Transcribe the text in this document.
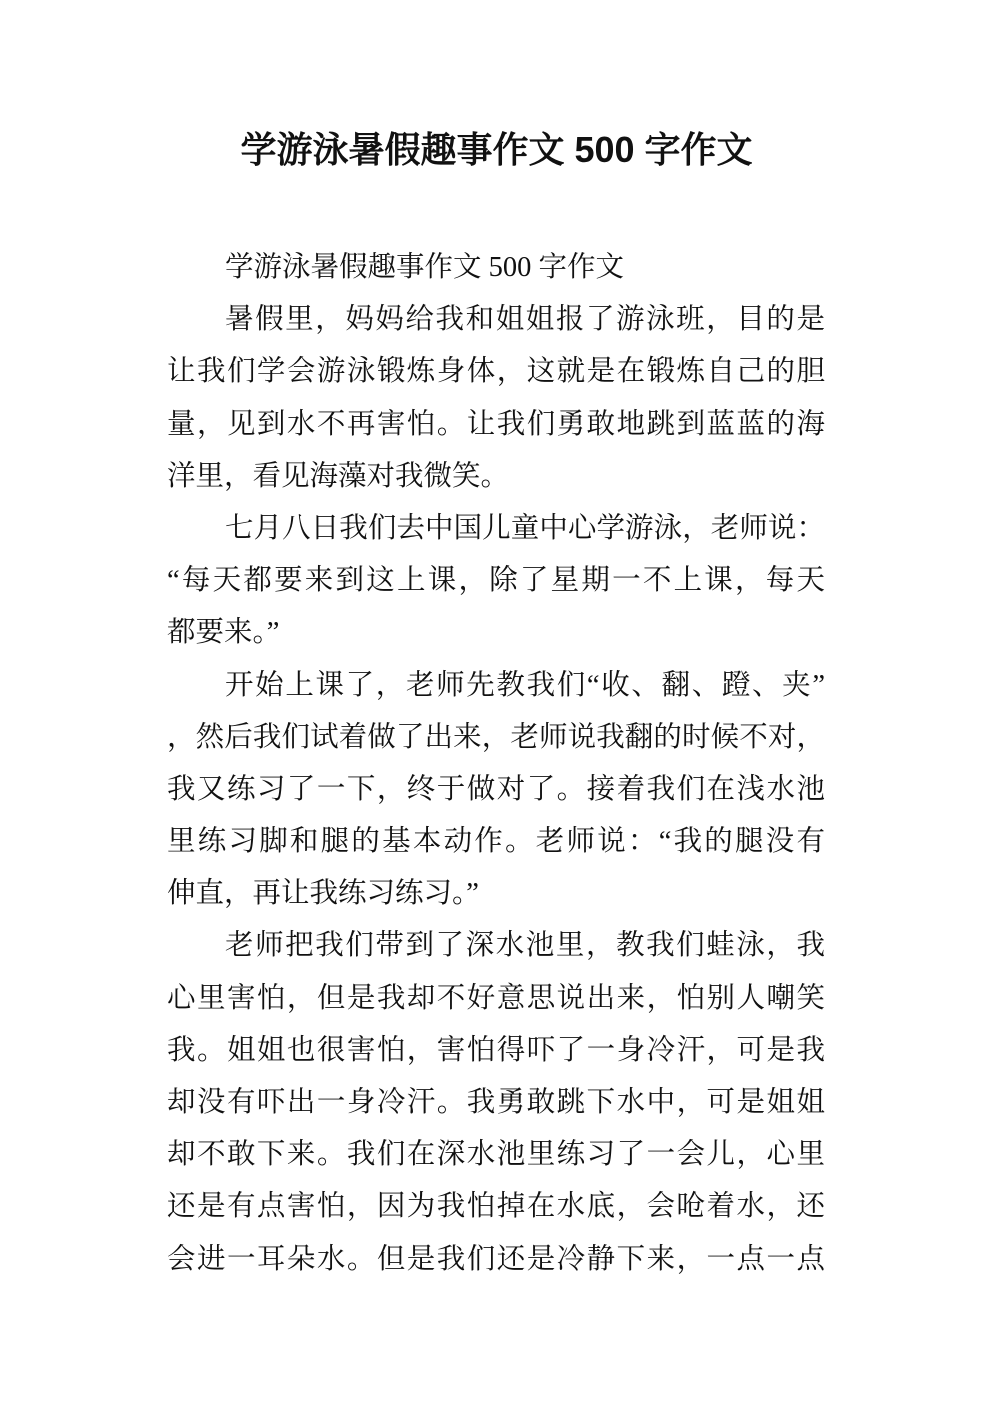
学游泳暑假趣事作文 500 字作文
学游泳暑假趣事作文 500 字作文
暑假里，妈妈给我和姐姐报了游泳班，目的是
让我们学会游泳锻炼身体，这就是在锻炼自己的胆
量，见到水不再害怕。让我们勇敢地跳到蓝蓝的海
洋里，看见海藻对我微笑。
七月八日我们去中国儿童中心学游泳，老师说：
“每天都要来到这上课，除了星期一不上课，每天
都要来。”
开始上课了，老师先教我们“收、翻、蹬、夹”
，然后我们试着做了出来，老师说我翻的时候不对，
我又练习了一下，终于做对了。接着我们在浅水池
里练习脚和腿的基本动作。老师说：“我的腿没有
伸直，再让我练习练习。”
老师把我们带到了深水池里，教我们蛙泳，我
心里害怕，但是我却不好意思说出来，怕别人嘲笑
我。姐姐也很害怕，害怕得吓了一身冷汗，可是我
却没有吓出一身冷汗。我勇敢跳下水中，可是姐姐
却不敢下来。我们在深水池里练习了一会儿，心里
还是有点害怕，因为我怕掉在水底，会呛着水，还
会进一耳朵水。但是我们还是冷静下来，一点一点
